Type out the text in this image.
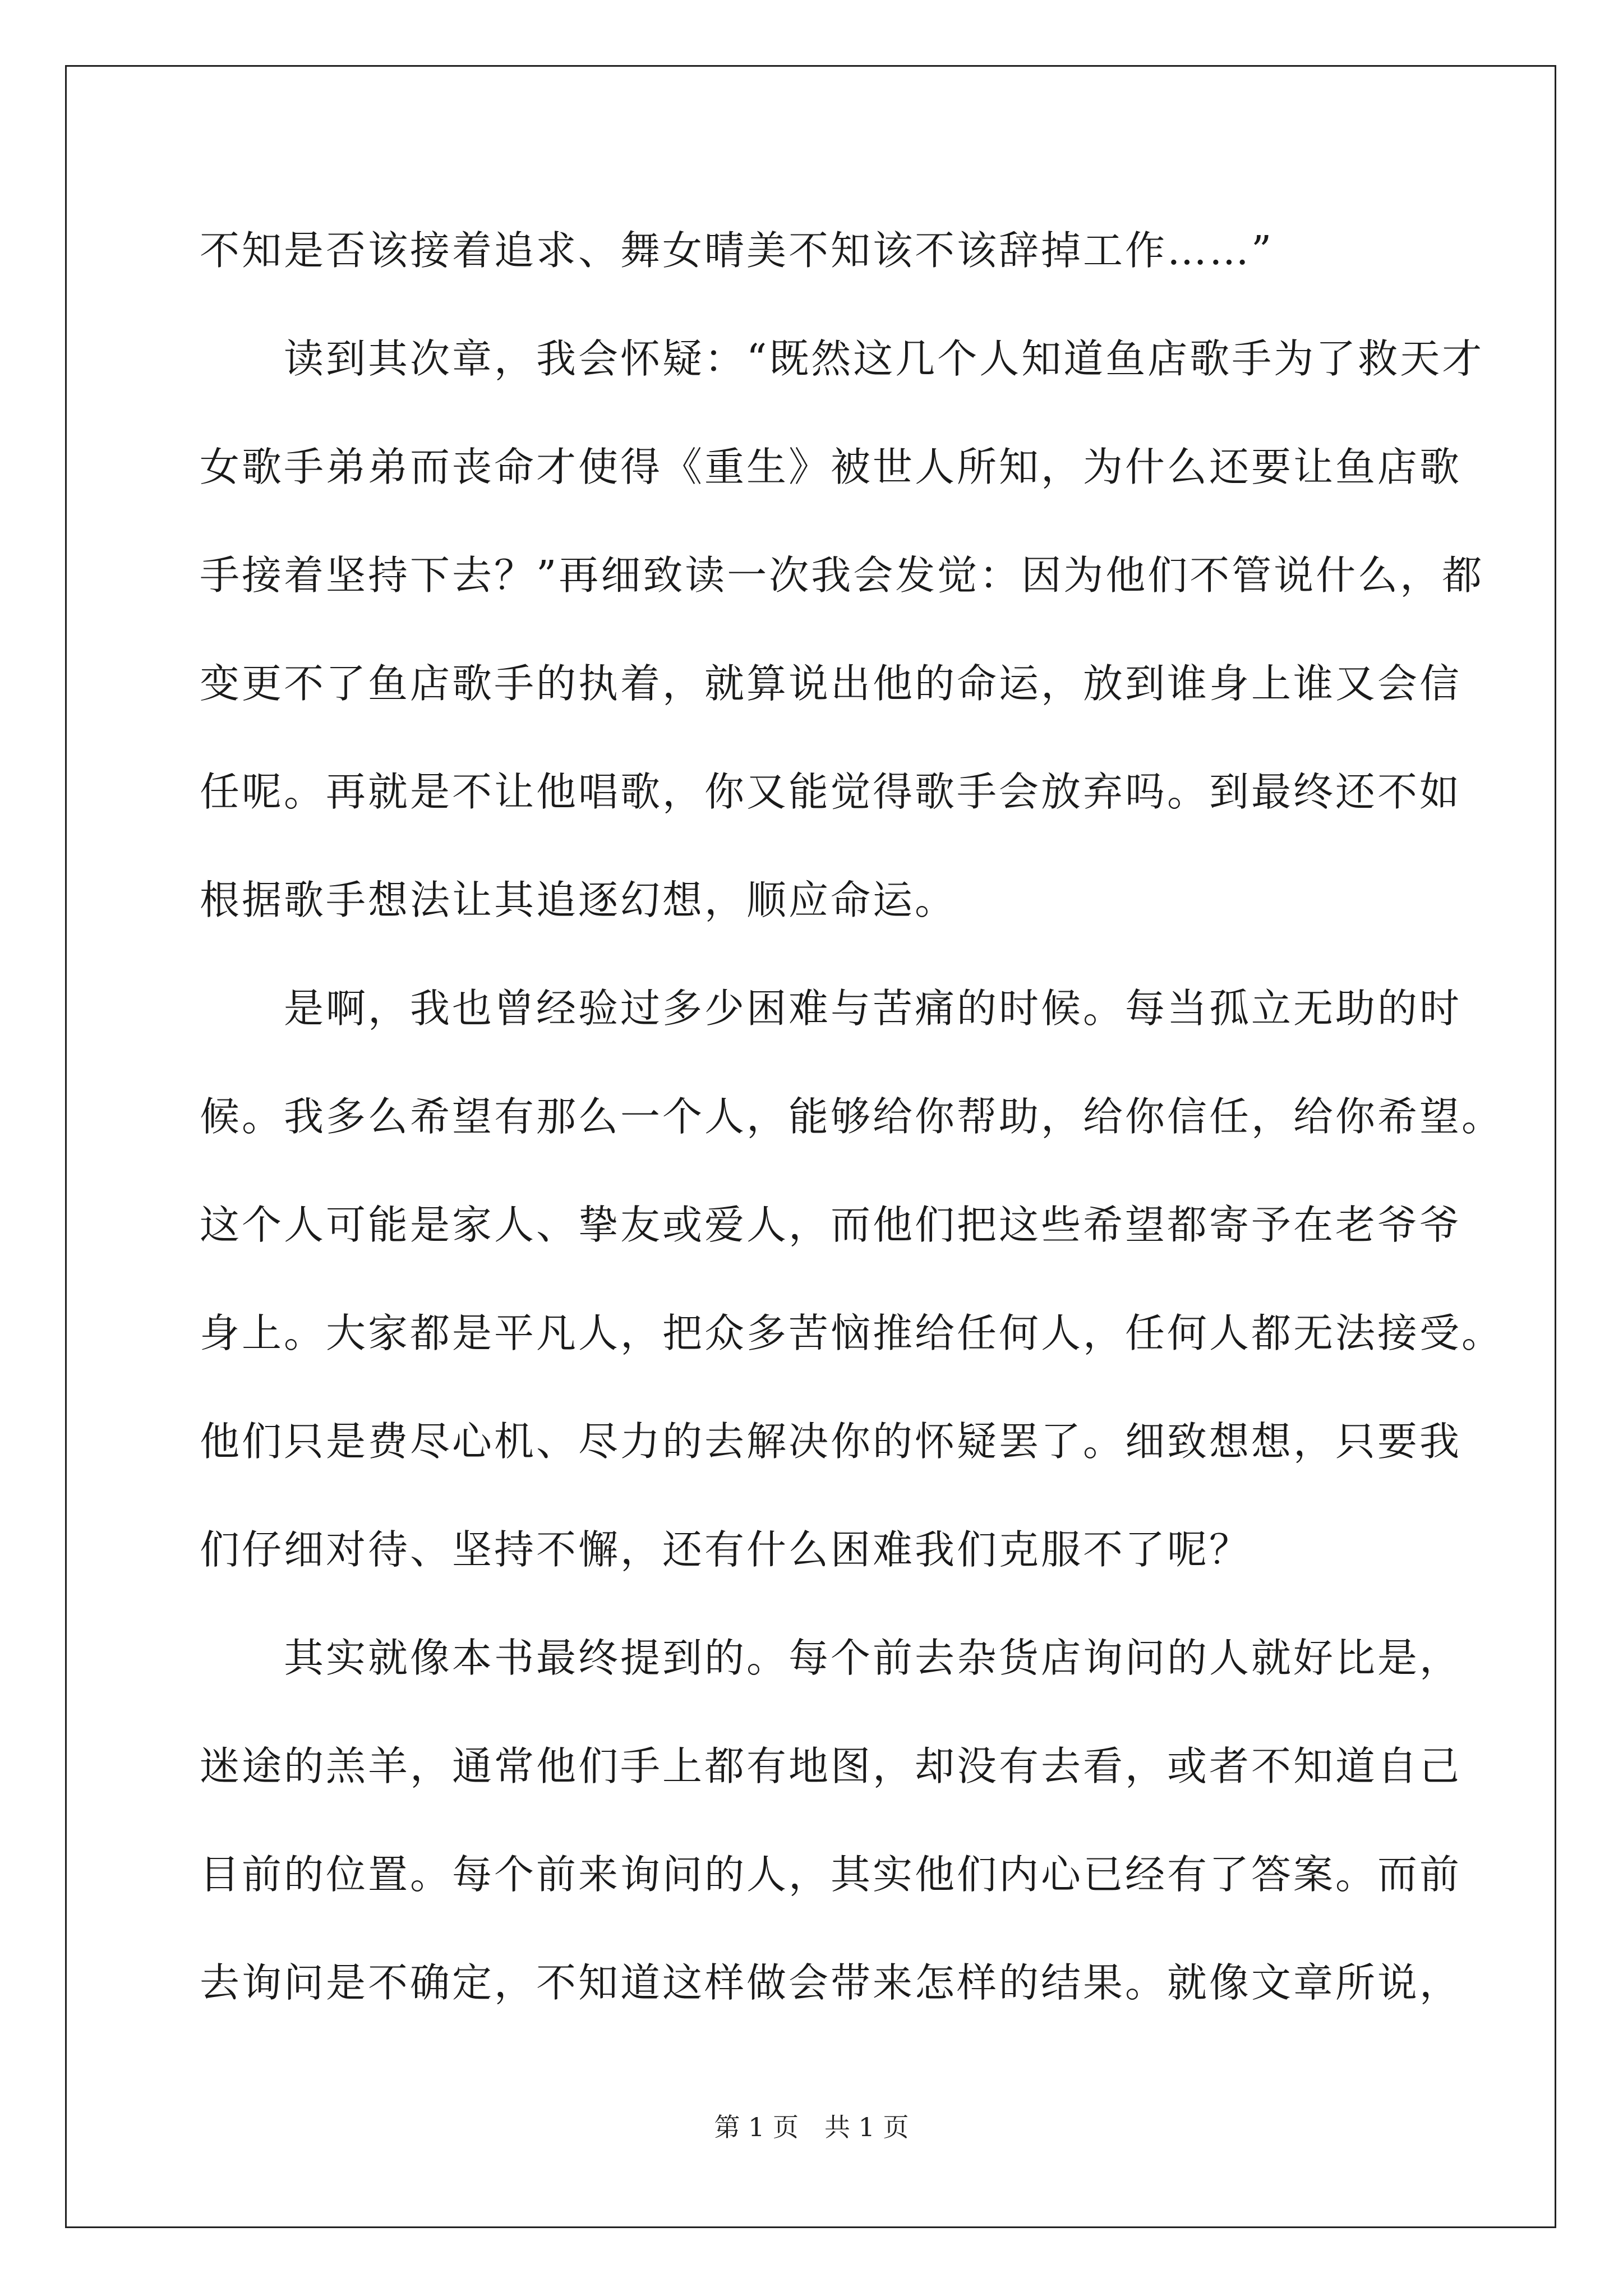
不知是否该接着追求、舞女晴美不知该不该辞掉工作……”
　　读到其次章，我会怀疑：“既然这几个人知道鱼店歌手为了救天才
女歌手弟弟而丧命才使得《重生》被世人所知，为什么还要让鱼店歌
手接着坚持下去？”再细致读一次我会发觉：因为他们不管说什么，都
变更不了鱼店歌手的执着，就算说出他的命运，放到谁身上谁又会信
任呢。再就是不让他唱歌，你又能觉得歌手会放弃吗。到最终还不如
根据歌手想法让其追逐幻想，顺应命运。
　　是啊，我也曾经验过多少困难与苦痛的时候。每当孤立无助的时
候。我多么希望有那么一个人，能够给你帮助，给你信任，给你希望。
这个人可能是家人、挚友或爱人，而他们把这些希望都寄予在老爷爷
身上。大家都是平凡人，把众多苦恼推给任何人，任何人都无法接受。
他们只是费尽心机、尽力的去解决你的怀疑罢了。细致想想，只要我
们仔细对待、坚持不懈，还有什么困难我们克服不了呢？
　　其实就像本书最终提到的。每个前去杂货店询问的人就好比是，
迷途的羔羊，通常他们手上都有地图，却没有去看，或者不知道自己
目前的位置。每个前来询问的人，其实他们内心已经有了答案。而前
去询问是不确定，不知道这样做会带来怎样的结果。就像文章所说，
第 1 页　共 1 页
